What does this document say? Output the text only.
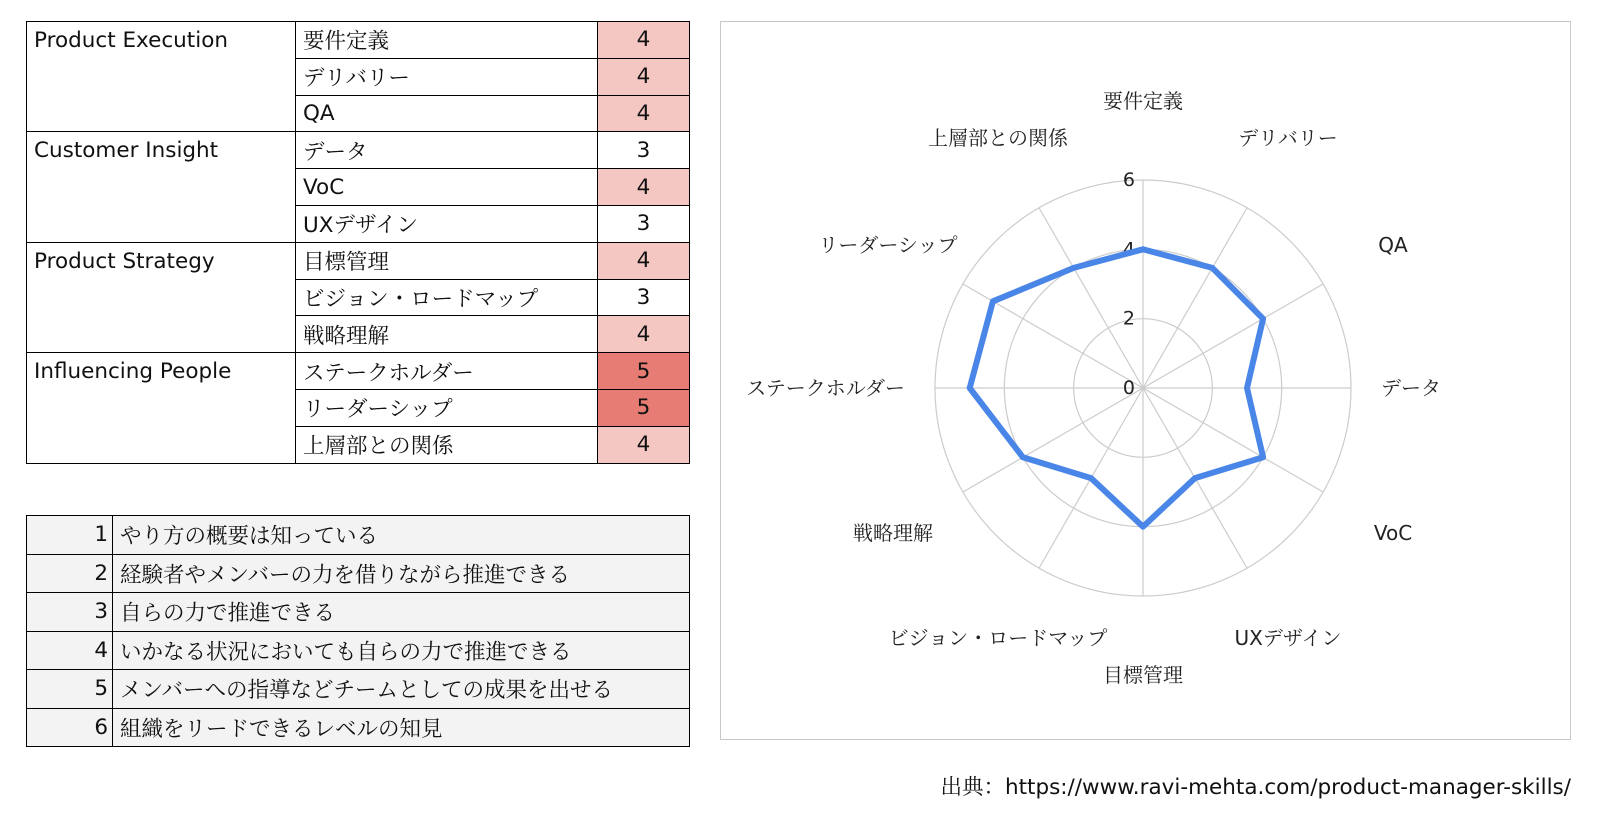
Product Execution	要件定義	4
	デリバリー	4
	QA	4
Customer Insight	データ	3
	VoC	4
	UXデザイン	3
Product Strategy	目標管理	4
	ビジョン・ロードマップ	3
	戦略理解	4
Influencing People	ステークホルダー	5
	リーダーシップ	5
	上層部との関係	4
1	やり方の概要は知っている
2	経験者やメンバーの力を借りながら推進できる
3	自らの力で推進できる
4	いかなる状況においても自らの力で推進できる
5	メンバーへの指導などチームとしての成果を出せる
6	組織をリードできるレベルの知見
0
2
4
6
要件定義
デリバリー
QA
データ
VoC
UXデザイン
目標管理
ビジョン・ロードマップ
戦略理解
ステークホルダー
リーダーシップ
上層部との関係
出典：https://www.ravi-mehta.com/product-manager-skills/
